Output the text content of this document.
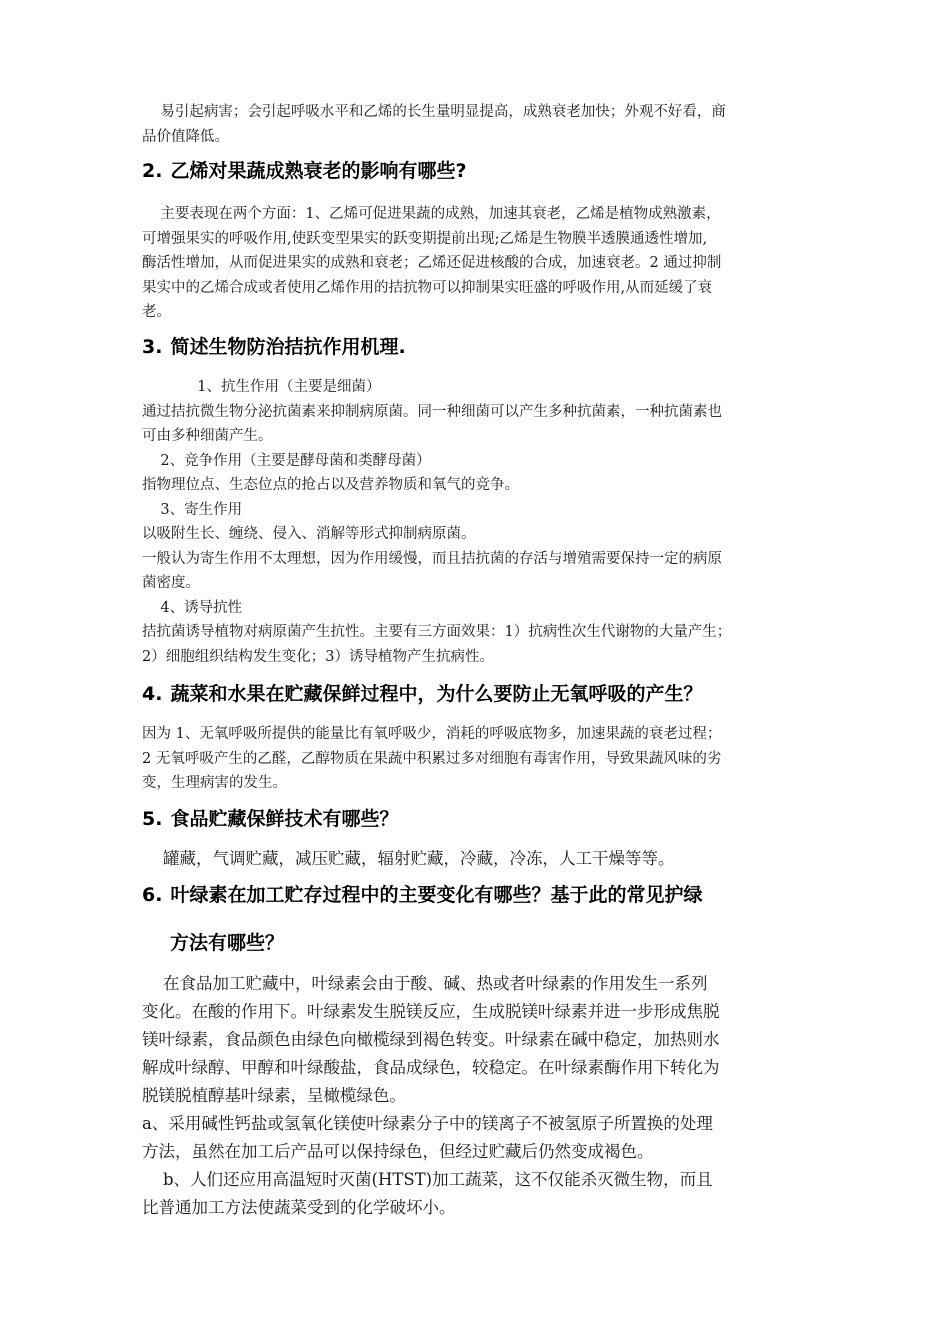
易引起病害；会引起呼吸水平和乙烯的长生量明显提高，成熟衰老加快；外观不好看，商
品价值降低。
2. 乙烯对果蔬成熟衰老的影响有哪些?
主要表现在两个方面：1、乙烯可促进果蔬的成熟，加速其衰老，乙烯是植物成熟激素，
可增强果实的呼吸作用,使跃变型果实的跃变期提前出现;乙烯是生物膜半透膜通透性增加,
酶活性增加，从而促进果实的成熟和衰老；乙烯还促进核酸的合成，加速衰老。2 通过抑制
果实中的乙烯合成或者使用乙烯作用的拮抗物可以抑制果实旺盛的呼吸作用,从而延缓了衰
老。
3. 简述生物防治拮抗作用机理.
1、抗生作用（主要是细菌）
通过拮抗微生物分泌抗菌素来抑制病原菌。同一种细菌可以产生多种抗菌素，一种抗菌素也
可由多种细菌产生。
2、竞争作用（主要是酵母菌和类酵母菌）
指物理位点、生态位点的抢占以及营养物质和氧气的竞争。
3、寄生作用
以吸附生长、缠绕、侵入、消解等形式抑制病原菌。
一般认为寄生作用不太理想，因为作用缓慢，而且拮抗菌的存活与增殖需要保持一定的病原
菌密度。
4、诱导抗性
拮抗菌诱导植物对病原菌产生抗性。主要有三方面效果：1）抗病性次生代谢物的大量产生；
2）细胞组织结构发生变化；3）诱导植物产生抗病性。
4. 蔬菜和水果在贮藏保鲜过程中，为什么要防止无氧呼吸的产生？
因为 1、无氧呼吸所提供的能量比有氧呼吸少，消耗的呼吸底物多，加速果蔬的衰老过程；
2 无氧呼吸产生的乙醛，乙醇物质在果蔬中积累过多对细胞有毒害作用，导致果蔬风味的劣
变，生理病害的发生。
5. 食品贮藏保鲜技术有哪些？
罐藏，气调贮藏，减压贮藏，辐射贮藏，冷藏，冷冻，人工干燥等等。
6. 叶绿素在加工贮存过程中的主要变化有哪些？基于此的常见护绿
方法有哪些？
在食品加工贮藏中，叶绿素会由于酸、碱、热或者叶绿素的作用发生一系列
变化。在酸的作用下。叶绿素发生脱镁反应，生成脱镁叶绿素并进一步形成焦脱
镁叶绿素，食品颜色由绿色向橄榄绿到褐色转变。叶绿素在碱中稳定，加热则水
解成叶绿醇、甲醇和叶绿酸盐，食品成绿色，较稳定。在叶绿素酶作用下转化为
脱镁脱植醇基叶绿素，呈橄榄绿色。
a、采用碱性钙盐或氢氧化镁使叶绿素分子中的镁离子不被氢原子所置换的处理
方法，虽然在加工后产品可以保持绿色，但经过贮藏后仍然变成褐色。
b、人们还应用高温短时灭菌(HTST)加工蔬菜，这不仅能杀灭微生物，而且
比普通加工方法使蔬菜受到的化学破坏小。
